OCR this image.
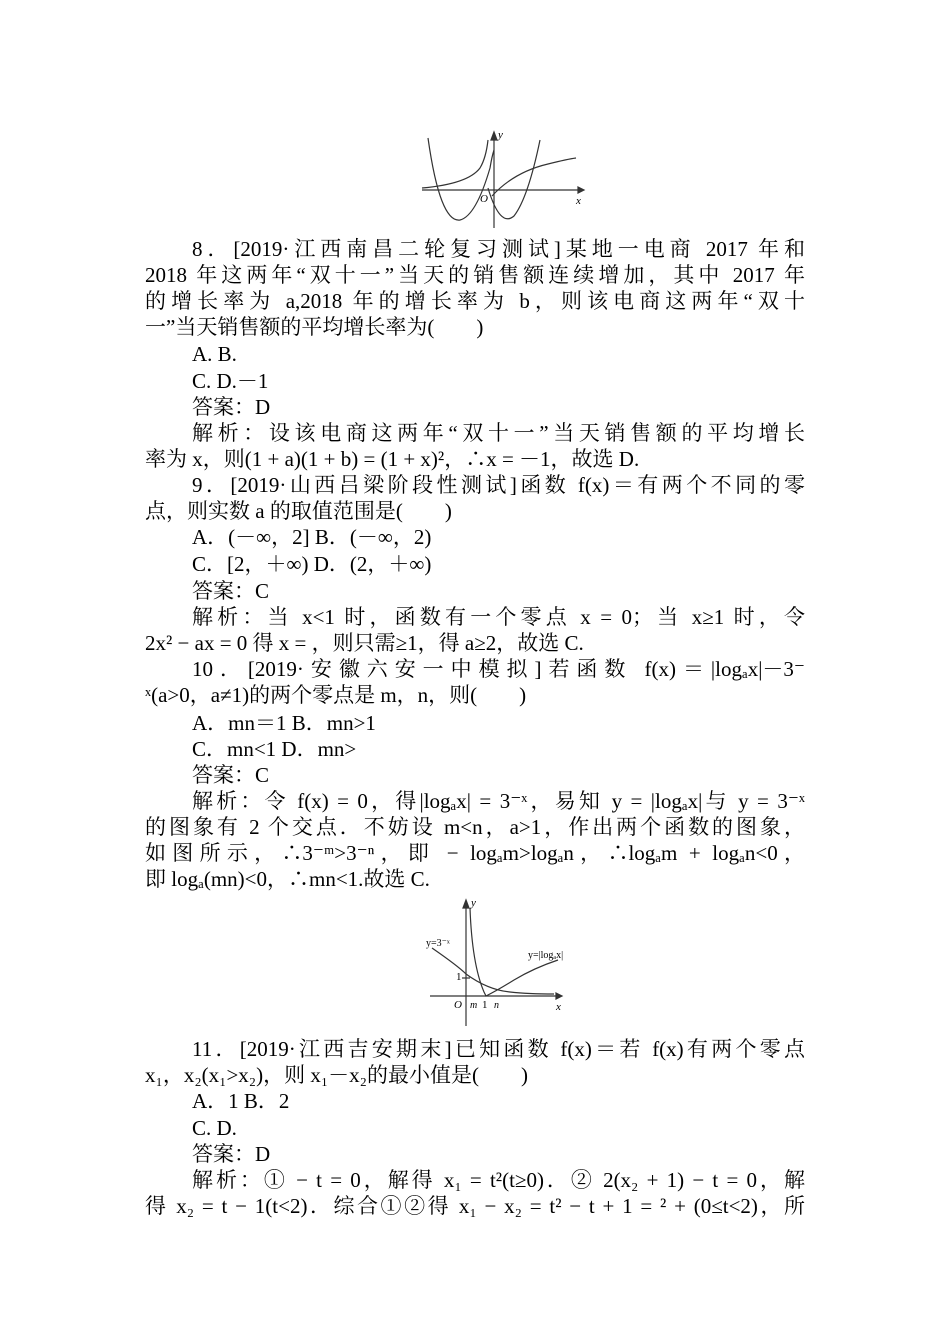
y
x
O
8．[2019·江西南昌二轮复习测试]某地一电商 2017 年和
2018 年这两年“双十一”当天的销售额连续增加，其中 2017 年
的增长率为 a,2018 年的增长率为 b，则该电商这两年“双十
一”当天销售额的平均增长率为(　　)
A. B.
C. D.－1
答案：D
解析：设该电商这两年“双十一”当天销售额的平均增长
率为 x，则(1 + a)(1 + b) = (1 + x)²，∴x = －1，故选 D.
9．[2019·山西吕梁阶段性测试]函数 f(x)＝有两个不同的零
点，则实数 a 的取值范围是(　　)
A．(－∞，2] B．(－∞，2)
C．[2，＋∞) D．(2，＋∞)
答案：C
解析：当 x<1 时，函数有一个零点 x = 0；当 x≥1 时，令
2x² − ax = 0 得 x = ，则只需≥1，得 a≥2，故选 C.
10．[2019·安徽六安一中模拟]若函数 f(x)＝|logₐx|－3⁻
ˣ(a>0，a≠1)的两个零点是 m，n，则(　　)
A．mn＝1 B．mn>1
C．mn<1 D．mn>
答案：C
解析：令 f(x) = 0，得|logₐx| = 3⁻ˣ，易知 y = |logₐx|与 y = 3⁻ˣ
的图象有 2 个交点．不妨设 m<n，a>1，作出两个函数的图象，
如图所示，∴3⁻ᵐ>3⁻ⁿ，即 − logₐm>logₐn，∴logₐm + logₐn<0，
即 logₐ(mn)<0，∴mn<1.故选 C.
y=3⁻ˣ
y=|logₐx|
y
x
O
1
m 1 n
11．[2019·江西吉安期末]已知函数 f(x)＝若 f(x)有两个零点
x₁，x₂(x₁>x₂)，则 x₁－x₂的最小值是(　　)
A．1 B．2
C. D.
答案：D
解析：① − t = 0，解得 x₁ = t²(t≥0)．② 2(x₂ + 1) − t = 0，解
得 x₂ = t − 1(t<2)．综合①②得 x₁ − x₂ = t² − t + 1 = ² + (0≤t<2)，所
